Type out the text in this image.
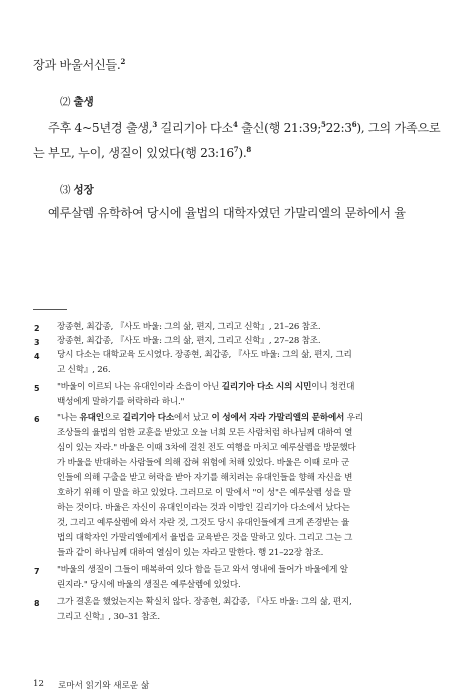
장과 바울서신들.$^2$
⑵ 출생
주후 4~5년경 출생,$^3$ 길리기아 다소$^4$ 출신(행 $21:39;^522:3^6$), 그의 가족으로
는 부모, 누이, 생질이 있었다(행 $23:16^7).^8$
⑶ 성장
예루살렘 유학하여 당시에 율법의 대학자였던 가말리엘의 문하에서 율
2 장종현, 최갑종, 『사도 바울: 그의 삶, 편지, 그리고 신학』, 21–26 참조.
3 장종현, 최갑종, 『사도 바울: 그의 삶, 편지, 그리고 신학』, 27–28 참조.
4 당시 다소는 대학교육 도시였다. 장종현, 최갑종, 『사도 바울: 그의 삶, 편지, 그리
고 신학』, 26.
5 "바울이 이르되 나는 유대인이라 소읍이 아닌 길리기아 다소 시의 시민이니 청컨대
백성에게 말하기를 허락하라 하니."
6 "나는 유대인으로 길리기아 다소에서 났고 이 성에서 자라 가말리엘의 문하에서 우리
조상들의 율법의 엄한 교훈을 받았고 오늘 너희 모든 사람처럼 하나님께 대하여 열
심이 있는 자라." 바울은 이때 3차에 걸친 전도 여행을 마치고 예루살렘을 방문했다
가 바울을 반대하는 사람들에 의해 잡혀 위험에 처해 있었다. 바울은 이때 로마 군
인들에 의해 구출을 받고 허락을 받아 자기를 해치려는 유대인들을 향해 자신을 변
호하기 위해 이 말을 하고 있었다. 그러므로 이 말에서 "이 성"은 예루살렘 성을 말
하는 것이다. 바울은 자신이 유대인이라는 것과 이방인 길리기아 다소에서 났다는
것, 그리고 예루살렘에 와서 자란 것, 그것도 당시 유대인들에게 크게 존경받는 율
법의 대학자인 가말리엘에게서 율법을 교육받은 것을 말하고 있다. 그리고 그는 그
들과 같이 하나님께 대하여 열심이 있는 자라고 말한다. 행 21–22장 참조.
7 "바울의 생질이 그들이 매복하여 있다 함을 듣고 와서 영내에 들어가 바울에게 알
린지라." 당시에 바울의 생질은 예루살렘에 있었다.
8 그가 결혼을 했었는지는 확실치 않다. 장종현, 최갑종, 『사도 바울: 그의 삶, 편지,
그리고 신학』, 30–31 참조.
12 로마서 읽기와 새로운 삶
